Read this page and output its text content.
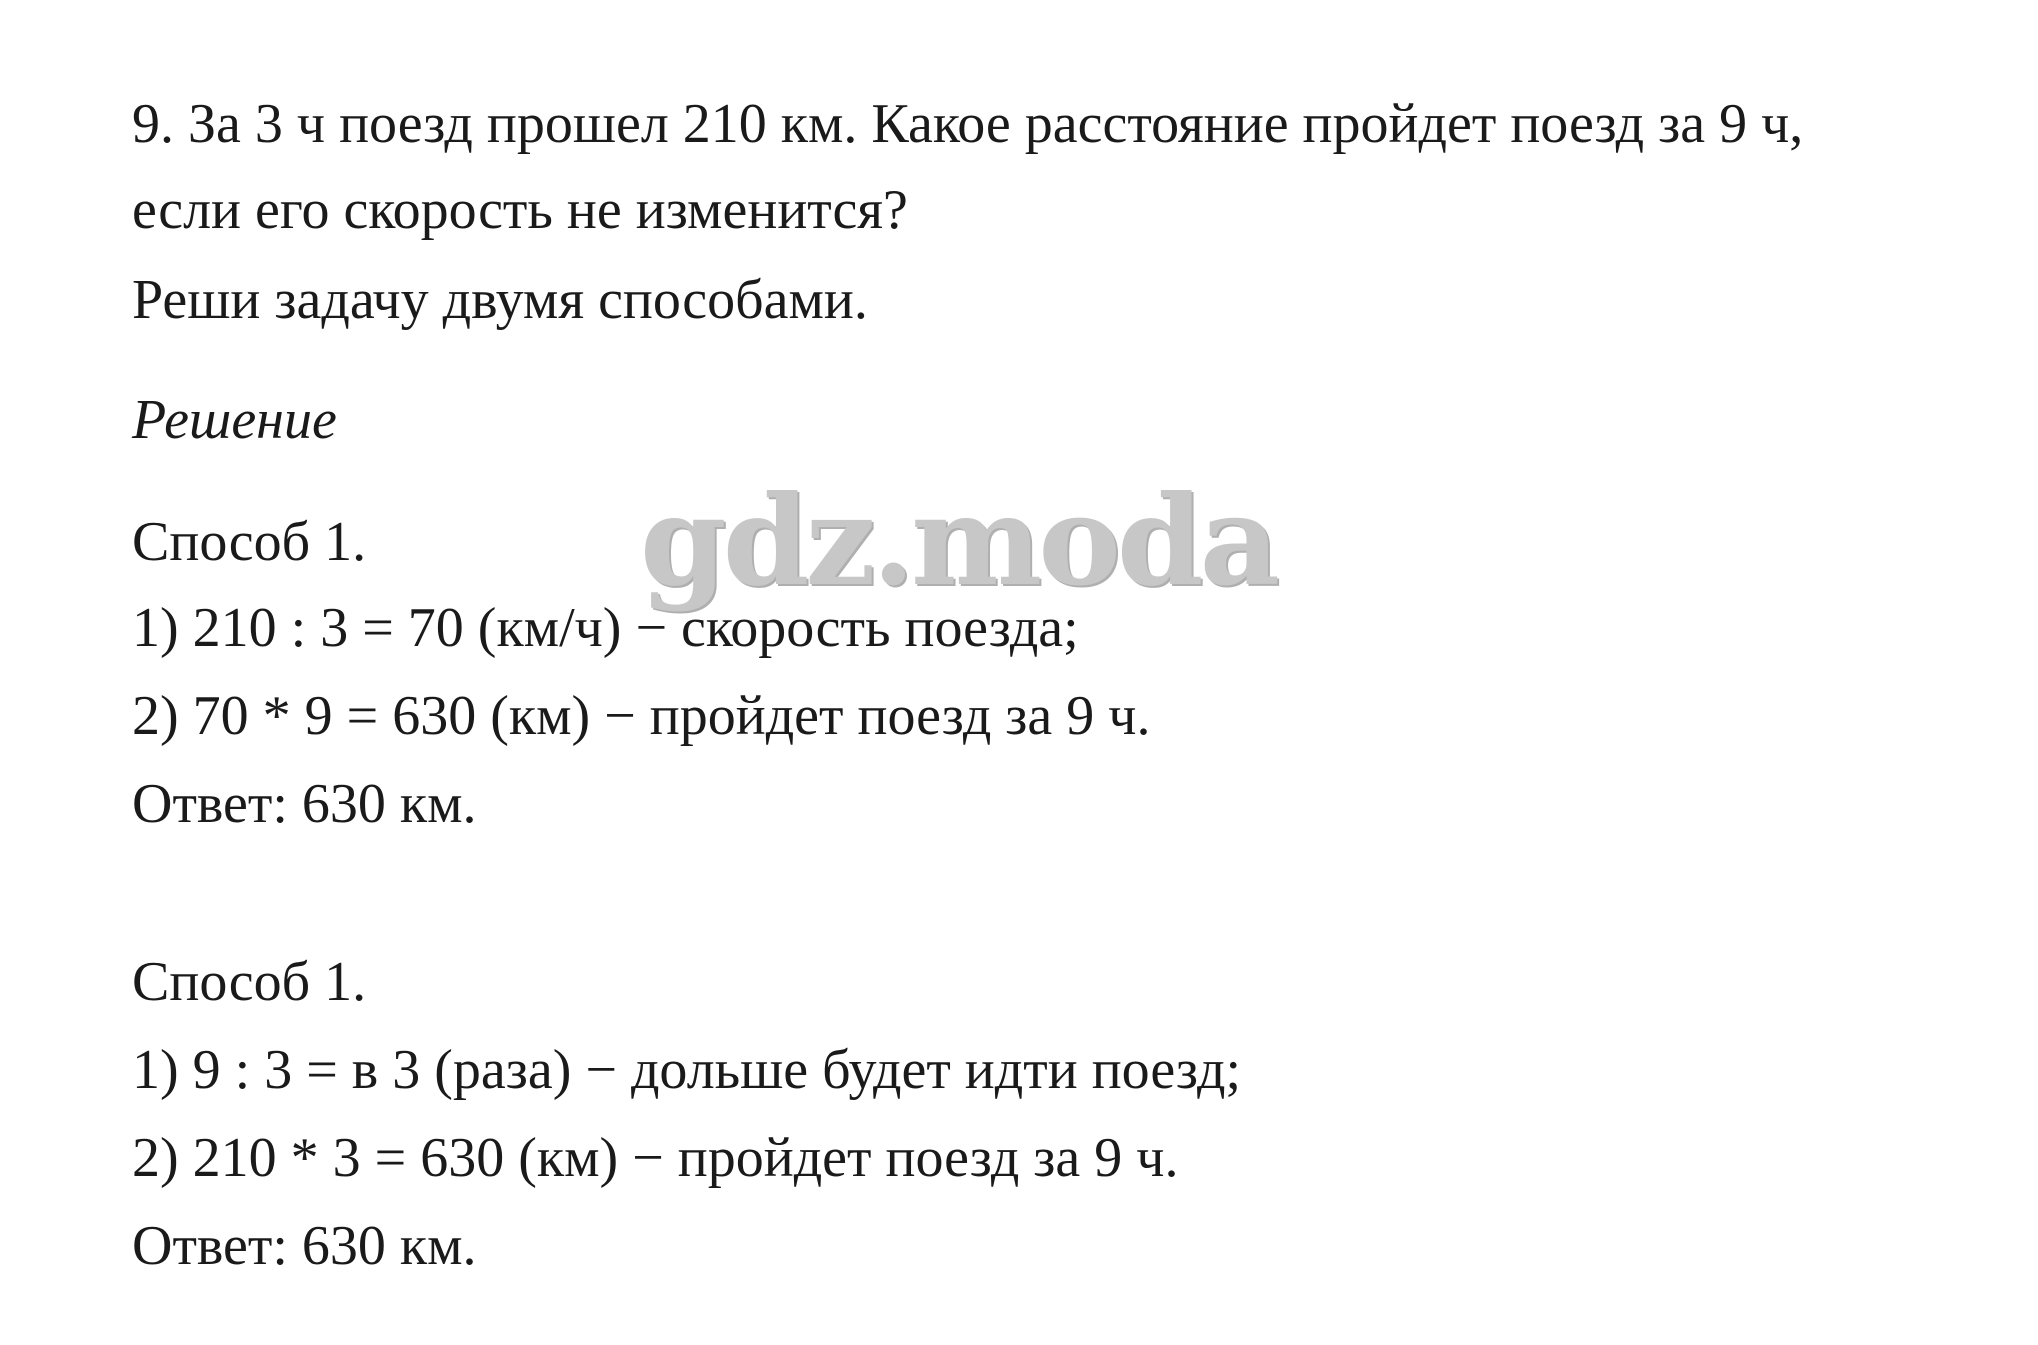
9. За 3 ч поезд прошел 210 км. Какое расстояние пройдет поезд за 9 ч,
если его скорость не изменится?
Реши задачу двумя способами.
Решение
Способ 1.
1) 210 : 3 = 70 (км/ч) − скорость поезда;
2) 70 * 9 = 630 (км) − пройдет поезд за 9 ч.
Ответ: 630 км.
Способ 1.
1) 9 : 3 = в 3 (раза) − дольше будет идти поезд;
2) 210 * 3 = 630 (км) − пройдет поезд за 9 ч.
Ответ: 630 км.
gdz.moda
